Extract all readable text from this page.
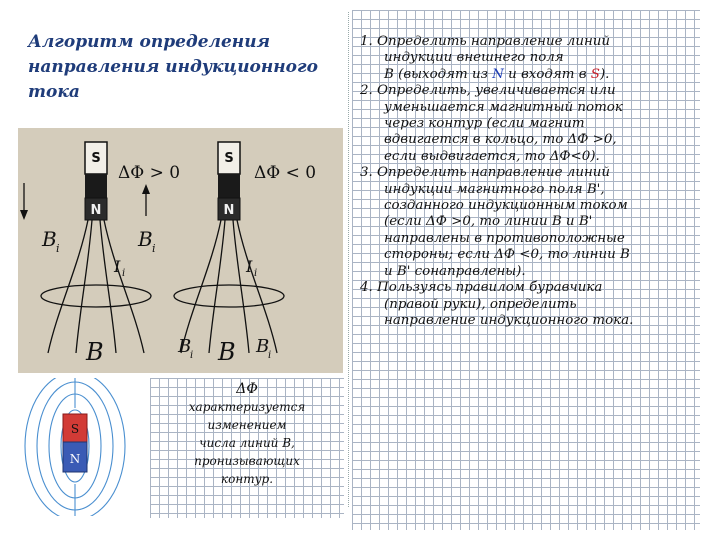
Алгоритм определения
направления индукционного
тока
S
N
S
N
ΔΦ > 0	ΔΦ < 0
B i	B i
I i
B
I i
B
i B B
i
S
N
ΔΦ
характеризуется
изменением
числа линий В,
пронизывающих
контур.
1. Определить направление линий
индукции внешнего поля
В (выходят из N и входят в S).
2. Определить, увеличивается или
уменьшается магнитный поток
через контур (если магнит
вдвигается в кольцо, то ΔФ >0,
если выдвигается, то ΔФ<0).
3. Определить направление линий
индукции магнитного поля В',
созданного индукционным током
(если ΔФ >0, то линии В и В'
направлены в противоположные
стороны; если ΔФ <0, то линии В
и В' сонаправлены).
4. Пользуясь правилом буравчика
(правой руки), определить
направление индукционного тока.
